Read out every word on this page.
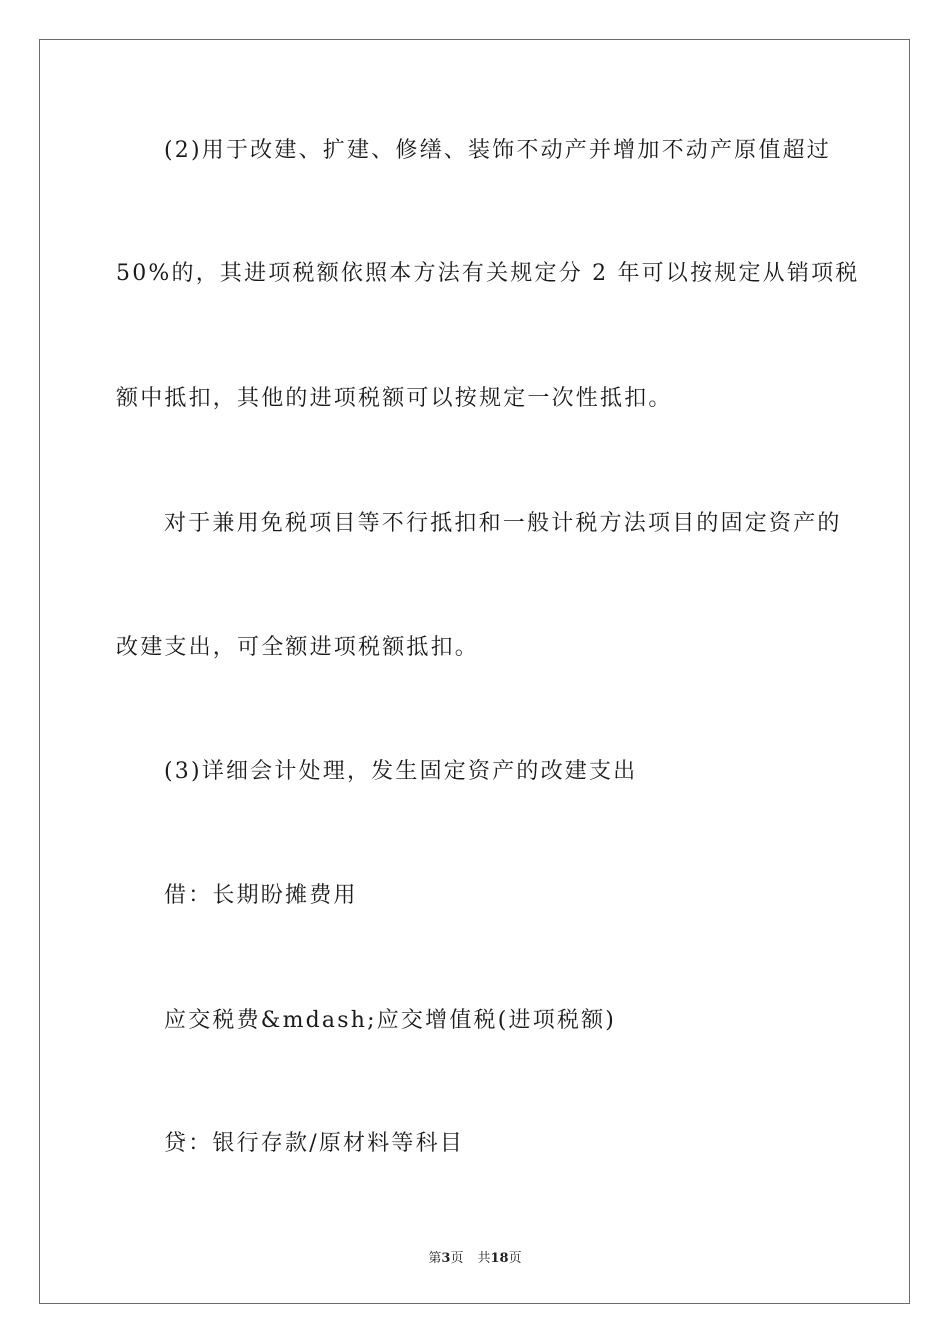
(2)用于改建、扩建、修缮、装饰不动产并增加不动产原值超过
50%的，其进项税额依照本方法有关规定分 2 年可以按规定从销项税
额中抵扣，其他的进项税额可以按规定一次性抵扣。
对于兼用免税项目等不行抵扣和一般计税方法项目的固定资产的
改建支出，可全额进项税额抵扣。
(3)详细会计处理，发生固定资产的改建支出
借：长期盼摊费用
应交税费&mdash;应交增值税(进项税额)
贷：银行存款/原材料等科目
第3页 共18页
